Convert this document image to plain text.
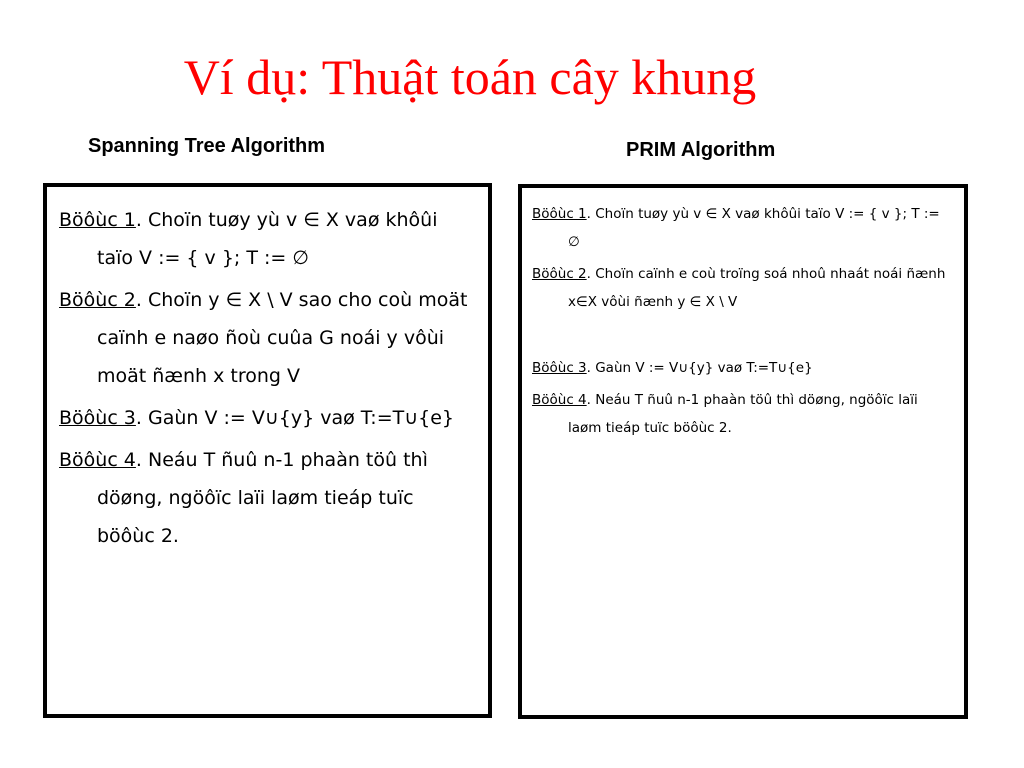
Ví dụ: Thuật toán cây khung
Spanning Tree Algorithm	PRIM Algorithm

Böôùc 1. Choïn tuøy yù v ∈ X vaø khôûi taïo V := { v }; T := ∅

Böôùc 2. Choïn y ∈ X \ V sao cho coù moät caïnh e naøo ñoù cuûa G noái y vôùi moät ñænh x trong V

Böôùc 3. Gaùn V := V∪{y} vaø T:=T∪{e}

Böôùc 4. Neáu T ñuû n-1 phaàn töû thì döøng, ngöôïc laïi laøm tieáp tuïc böôùc 2.

Böôùc 1. Choïn tuøy yù v ∈ X vaø khôûi taïo V := { v }; T := ∅

Böôùc 2. Choïn caïnh e coù troïng soá nhoû nhaát noái ñænh x∈X vôùi ñænh y ∈ X \ V

Böôùc 3. Gaùn V := V∪{y} vaø T:=T∪{e}

Böôùc 4. Neáu T ñuû n-1 phaàn töû thì döøng, ngöôïc laïi laøm tieáp tuïc böôùc 2.
